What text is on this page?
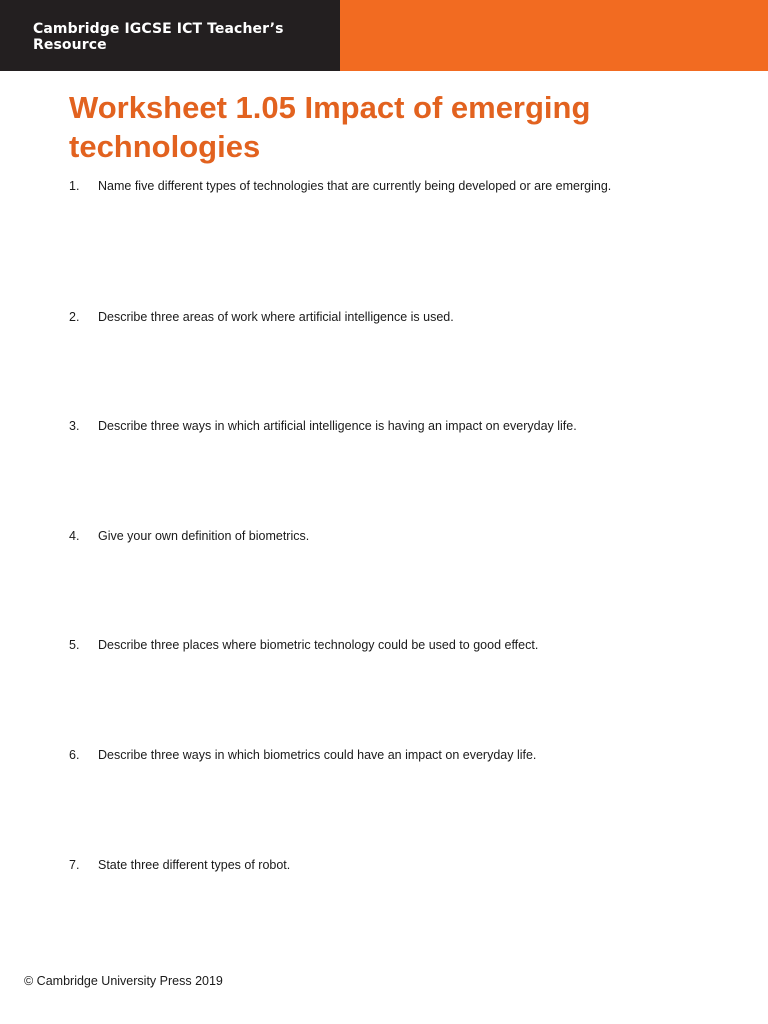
Cambridge IGCSE ICT Teacher’s Resource
Worksheet 1.05 Impact of emerging technologies
1.	Name five different types of technologies that are currently being developed or are emerging.
2.	Describe three areas of work where artificial intelligence is used.
3.	Describe three ways in which artificial intelligence is having an impact on everyday life.
4.	Give your own definition of biometrics.
5.	Describe three places where biometric technology could be used to good effect.
6.	Describe three ways in which biometrics could have an impact on everyday life.
7.	State three different types of robot.
© Cambridge University Press 2019
